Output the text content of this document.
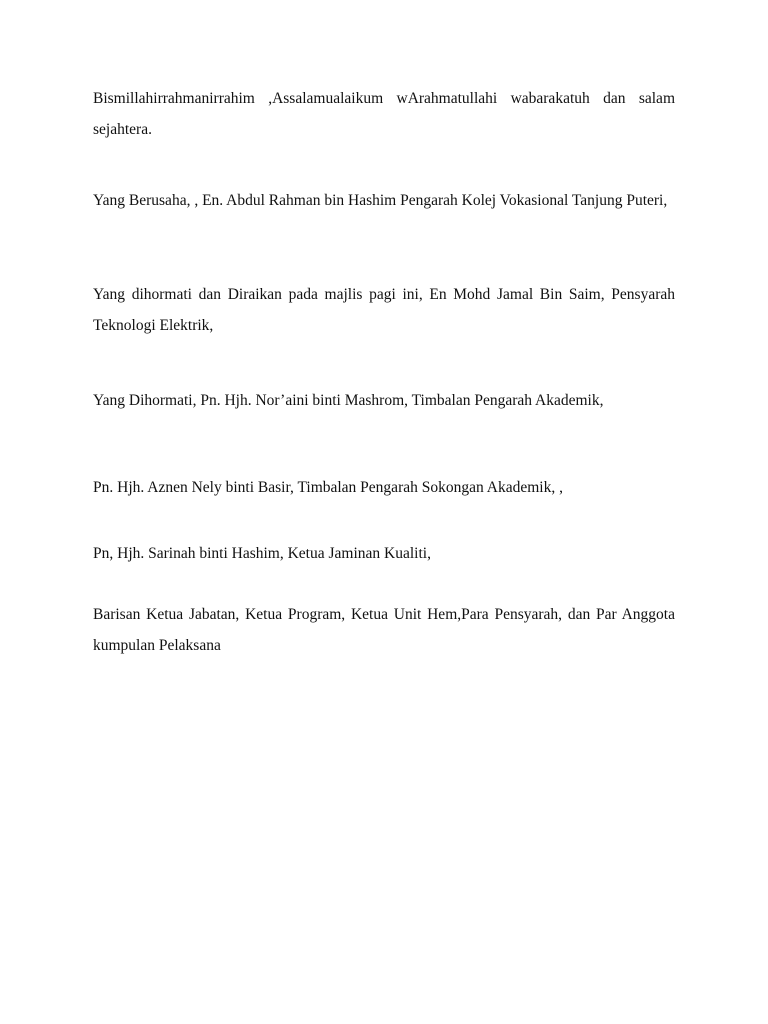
Bismillahirrahmanirrahim ,Assalamualaikum wArahmatullahi wabarakatuh dan salam sejahtera.

Yang Berusaha, , En. Abdul Rahman bin Hashim Pengarah Kolej Vokasional Tanjung Puteri,

Yang dihormati dan Diraikan pada majlis pagi ini, En Mohd Jamal Bin Saim, Pensyarah Teknologi Elektrik,

Yang Dihormati, Pn. Hjh. Nor’aini binti Mashrom, Timbalan Pengarah Akademik,

Pn. Hjh. Aznen Nely binti Basir, Timbalan Pengarah Sokongan Akademik, ,

Pn, Hjh. Sarinah binti Hashim, Ketua Jaminan Kualiti,

Barisan Ketua Jabatan, Ketua Program, Ketua Unit Hem,Para Pensyarah, dan Par Anggota kumpulan Pelaksana
